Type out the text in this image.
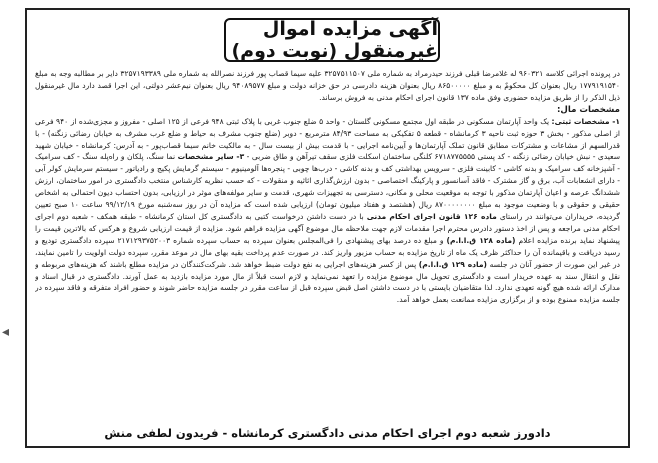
◂
آگهی مزایده اموال غیرمنقول (نوبت دوم)

در پرونده اجرائی کلاسه ۹۶۰۳۲۱ له غلامرضا قبلی فرزند حیدرمراد به شماره ملی ۳۲۵۷۵۱۱۵۰۷ علیه سیما قصاب پور فرزند نصرالله به شماره ملی ۳۲۵۷۱۹۳۳۸۹ دایر بر مطالبه وجه به مبلغ ۱۷۷۹۱۹۱۵۴۰ ریال بعنوان کل محکومٌ به و مبلغ ۸۶۵۰۰۰۰۰ ریال بعنوان هزینه دادرسی در حق خزانه دولت و مبلغ ۹۴۰۸۹۵۷۷ ریال بعنوان نیم‌عشر دولتی، این اجرا قصد دارد مال غیرمنقول ذیل الذکر را از طریق مزایده حضوری وفق ماده ۱۳۷ قانون اجرای احکام مدنی به فروش برساند.

مشخصات مال:

۱- مشخصات ثبتی: یک واحد آپارتمان مسکونی در طبقه اول مجتمع مسکونی گلستان - واحد ۵ ضلع جنوب غربی با پلاک ثبتی ۹۴۸ فرعی از ۱۲۵ اصلی - مفروز و مجزی‌شده از ۹۴۰ فرعی از اصلی مذکور - بخش ۳ حوزه ثبت ناحیه ۳ کرمانشاه - قطعه ۵ تفکیکی به مساحت ۸۴/۹۳ مترمربع - دوبر (ضلع جنوب مشرف به حیاط و ضلع غرب مشرف به خیابان رضائی زنگنه) - با قدرالسهم از مشاعات و مشترکات مطابق قانون تملک آپارتمان‌ها و آیین‌نامه اجرایی - با قدمت بیش از بیست سال - به مالکیت خانم سیما قصاب‌پور - به آدرس: کرمانشاه - خیابان شهید سعیدی - نبش خیابان رضائی زنگنه - کد پستی ۶۷۱۸۷۷۵۵۵۵ کلنگی ساختمان اسکلت فلزی سقف تیرآهن و طاق ضربی - ۳- سایر مشخصات نما سنگ، پلکان و راه‌پله سنگ - کف سرامیک - آشپزخانه کف سرامیک و بدنه کاشی - کابینت فلزی - سرویس بهداشتی کف و بدنه کاشی - درب‌ها چوبی - پنجره‌ها آلومینیوم - سیستم گرمایش پکیج و رادیاتور - سیستم سرمایش کولر آبی - دارای انشعابات آب، برق و گاز مشترک - فاقد آسانسور و پارکینگ اختصاصی - بدون ارزش‌گذاری اثاثیه و منقولات - که حسب نظریه کارشناس منتخب دادگستری در امور ساختمان، ارزش ششدانگ عرصه و اعیان آپارتمان مذکور با توجه به موقعیت محلی و مکانی، دسترسی به تجهیزات شهری، قدمت و سایر مولفه‌های موثر در ارزیابی، بدون احتساب دیون احتمالی به اشخاص حقیقی و حقوقی و با وضعیت موجود به مبلغ ۸۷۰۰۰۰۰۰۰۰ ریال (هشتصد و هفتاد میلیون تومان) ارزیابی شده است که مزایده آن در روز سه‌شنبه مورخ ۹۹/۱۲/۱۹ ساعت ۱۰ صبح تعیین گردیده، خریداران می‌توانند در راستای ماده ۱۲۶ قانون اجرای احکام مدنی با در دست داشتن درخواست کتبی به دادگستری کل استان کرمانشاه - طبقه همکف - شعبه دوم اجرای احکام مدنی مراجعه و پس از اخذ دستور دادرس محترم اجرا مقدمات لازم جهت ملاحظه مال موضوع آگهی مزایده فراهم شود. مزایده از قیمت ارزیابی شروع و هرکس که بالاترین قیمت را پیشنهاد نماید برنده مزایده اعلام (ماده ۱۲۸ ق.ا.ا.م) و مبلغ ده درصد بهای پیشنهادی را فی‌المجلس بعنوان سپرده به حساب سپرده شماره ۲۱۷۱۲۹۳۷۵۲۰۰۳ سپرده دادگستری تودیع و رسید دریافت و باقیمانده آن را حداکثر ظرف یک ماه از تاریخ مزایده به حساب مزبور واریز کند. در صورت عدم پرداخت بقیه بهای مال در موعد مقرر، سپرده دولت اولویت را تامین نمایند، در غیر این صورت از حضور آنان در جلسه (ماده ۱۲۹ ق.ا.ا.م) پس از کسر هزینه‌های اجرایی به نفع دولت ضبط خواهد شد. شرکت‌کنندگان در مزایده مطلع باشند که هزینه‌های مربوطه و نقل و انتقال سند به عهده خریدار است و دادگستری تحویل مال موضوع مزایده را تعهد نمی‌نماید و لازم است قبلاً از مال مورد مزایده بازدید به عمل آورند. دادگستری در قبال اسناد و مدارک ارائه شده هیچ گونه تعهدی ندارد. لذا متقاضیان بایستی با در دست داشتن اصل قبض سپرده قبل از ساعت مقرر در جلسه مزایده حاضر شوند و حضور افراد متفرقه و فاقد سپرده در جلسه مزایده ممنوع بوده و از برگزاری مزایده ممانعت بعمل خواهد آمد.

دادورز شعبه دوم اجرای احکام مدنی دادگستری کرمانشاه - فریدون لطفی منش
